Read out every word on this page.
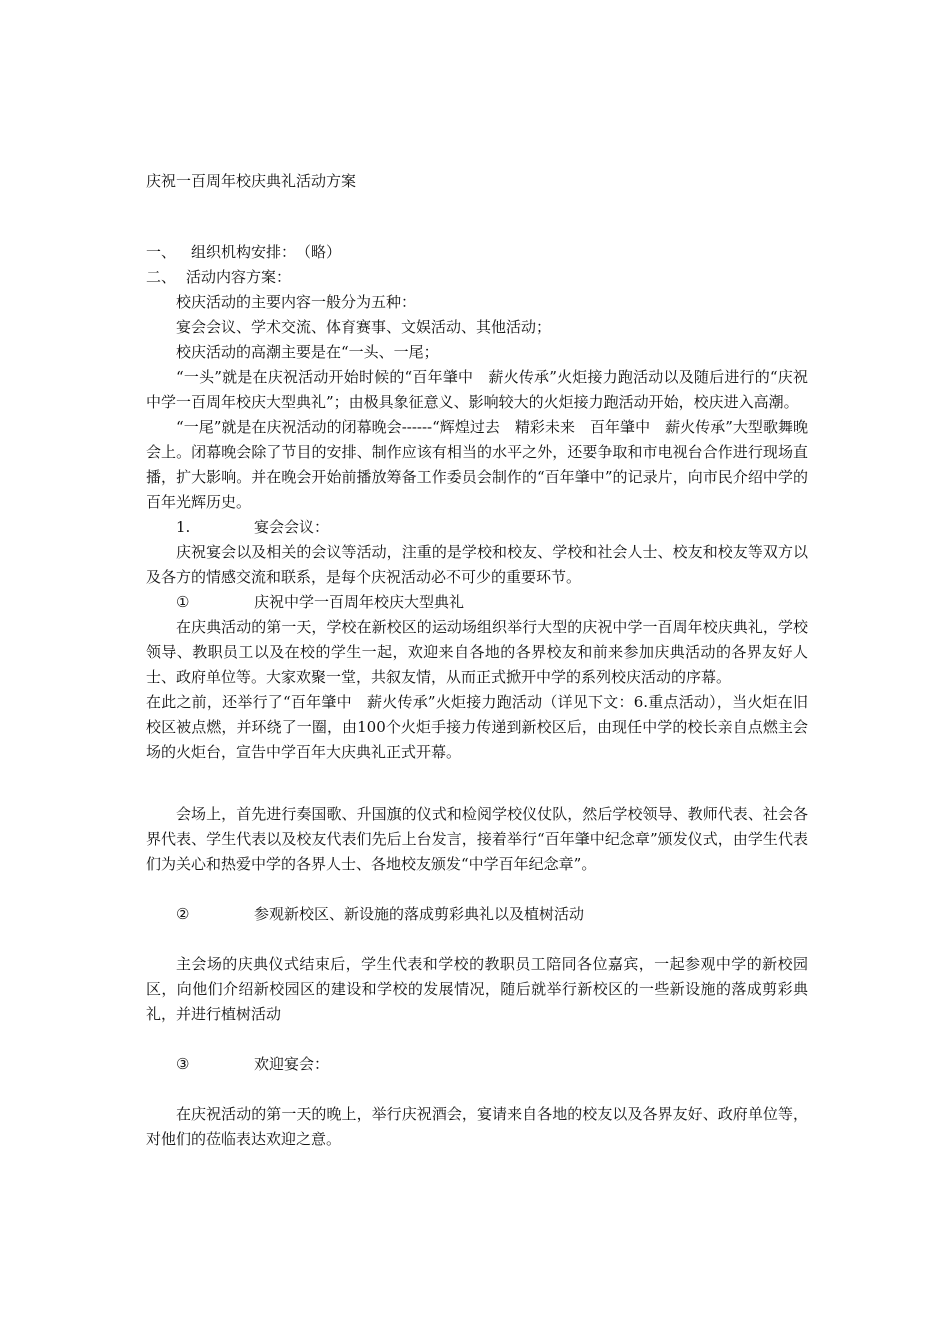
庆祝一百周年校庆典礼活动方案

一、 组织机构安排：　（略）

二、 活动内容方案：

校庆活动的主要内容一般分为五种：

宴会会议、学术交流、体育赛事、文娱活动、其他活动；

校庆活动的高潮主要是在“一头、一尾；

“一头”就是在庆祝活动开始时候的“百年肇中　薪火传承”火炬接力跑活动以及随后进行的“庆祝中学一百周年校庆大型典礼”；由极具象征意义、影响较大的火炬接力跑活动开始，校庆进入高潮。

“一尾”就是在庆祝活动的闭幕晚会------“辉煌过去　精彩未来　百年肇中　薪火传承”大型歌舞晚会上。闭幕晚会除了节目的安排、制作应该有相当的水平之外，还要争取和市电视台合作进行现场直播，扩大影响。并在晚会开始前播放筹备工作委员会制作的“百年肇中”的记录片，向市民介绍中学的百年光辉历史。

1.	宴会会议：

庆祝宴会以及相关的会议等活动，注重的是学校和校友、学校和社会人士、校友和校友等双方以及各方的情感交流和联系，是每个庆祝活动必不可少的重要环节。

①	庆祝中学一百周年校庆大型典礼

在庆典活动的第一天，学校在新校区的运动场组织举行大型的庆祝中学一百周年校庆典礼，学校领导、教职员工以及在校的学生一起，欢迎来自各地的各界校友和前来参加庆典活动的各界友好人士、政府单位等。大家欢聚一堂，共叙友情，从而正式掀开中学的系列校庆活动的序幕。

在此之前，还举行了“百年肇中　薪火传承”火炬接力跑活动（详见下文：6.重点活动），当火炬在旧校区被点燃，并环绕了一圈，由100个火炬手接力传递到新校区后，由现任中学的校长亲自点燃主会场的火炬台，宣告中学百年大庆典礼正式开幕。

会场上，首先进行奏国歌、升国旗的仪式和检阅学校仪仗队，然后学校领导、教师代表、社会各界代表、学生代表以及校友代表们先后上台发言，接着举行“百年肇中纪念章”颁发仪式，由学生代表们为关心和热爱中学的各界人士、各地校友颁发“中学百年纪念章”。

②	参观新校区、新设施的落成剪彩典礼以及植树活动

主会场的庆典仪式结束后，学生代表和学校的教职员工陪同各位嘉宾，一起参观中学的新校园区，向他们介绍新校园区的建设和学校的发展情况，随后就举行新校区的一些新设施的落成剪彩典礼，并进行植树活动

③	欢迎宴会：

在庆祝活动的第一天的晚上，举行庆祝酒会，宴请来自各地的校友以及各界友好、政府单位等，对他们的莅临表达欢迎之意。
